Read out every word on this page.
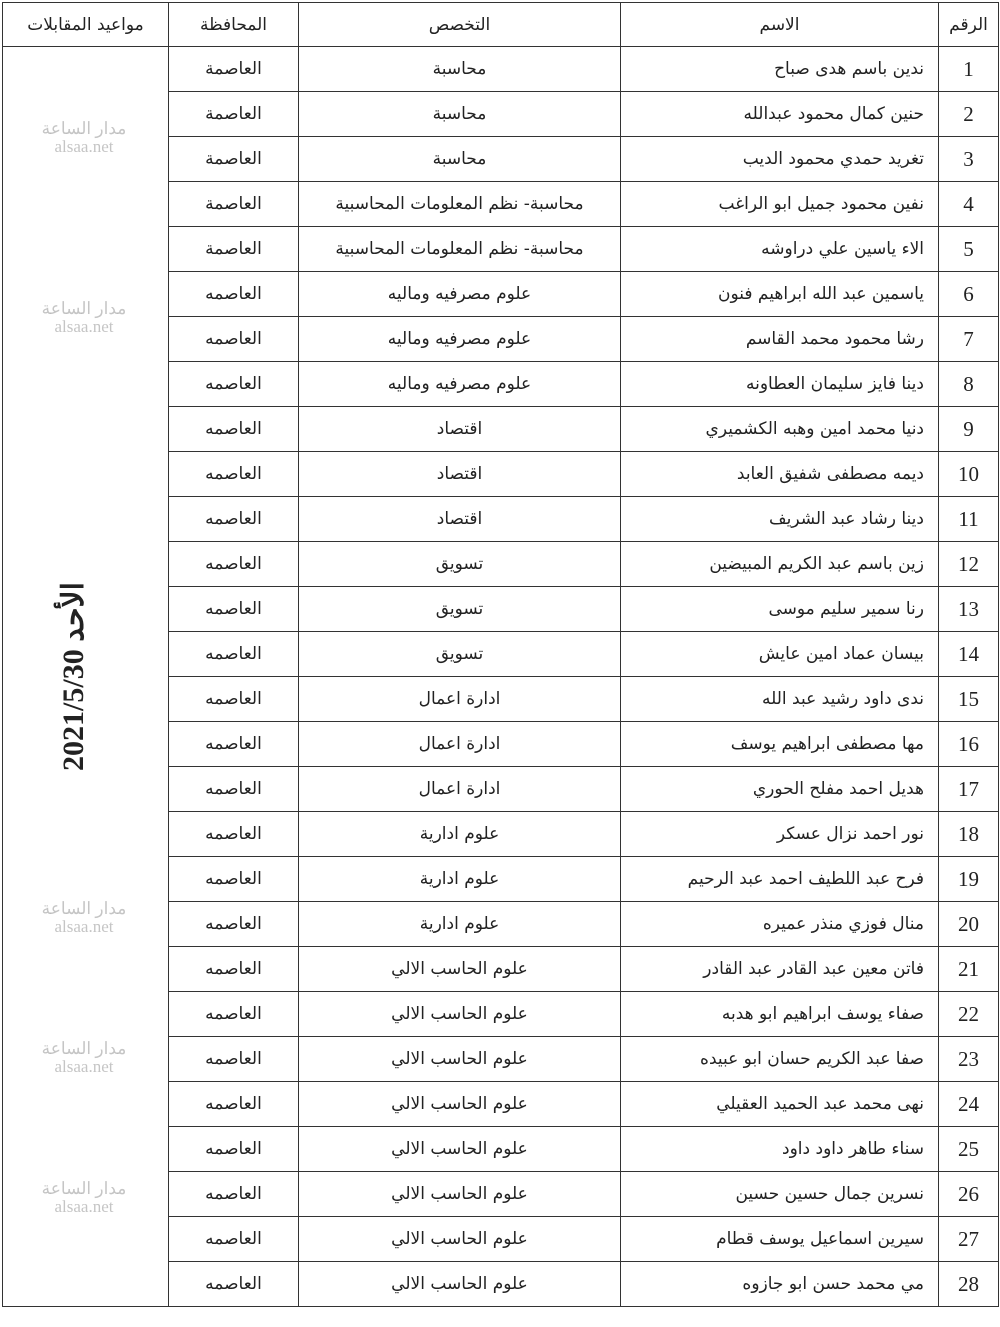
الرقم	الاسم	التخصص	المحافظة	مواعيد المقابلات
1	ندين باسم هدى صباح	محاسبة	العاصمة	الأحد 2021/5/30
2	حنين كمال محمود عبدالله	محاسبة	العاصمة	
3	تغريد حمدي محمود الديب	محاسبة	العاصمة	
4	نفين محمود جميل ابو الراغب	محاسبة- نظم المعلومات المحاسبية	العاصمة	
5	الاء ياسين علي دراوشه	محاسبة- نظم المعلومات المحاسبية	العاصمة	
6	ياسمين عبد الله ابراهيم فنون	علوم مصرفيه وماليه	العاصمه	
7	رشا محمود محمد القاسم	علوم مصرفيه وماليه	العاصمه	
8	دينا فايز سليمان العطاونه	علوم مصرفيه وماليه	العاصمه	
9	دنيا محمد امين وهبه الكشميري	اقتصاد	العاصمه	
10	ديمه مصطفى شفيق العابد	اقتصاد	العاصمه	
11	دينا رشاد عبد الشريف	اقتصاد	العاصمه	
12	زين باسم عبد الكريم المبيضين	تسويق	العاصمه	
13	رنا سمير سليم موسى	تسويق	العاصمه	
14	بيسان عماد امين عايش	تسويق	العاصمه	
15	ندى داود رشيد عبد الله	ادارة اعمال	العاصمه	
16	مها مصطفى ابراهيم يوسف	ادارة اعمال	العاصمه	
17	هديل احمد مفلح الحوري	ادارة اعمال	العاصمه	
18	نور احمد نزال عسكر	علوم ادارية	العاصمه	
19	فرح عبد اللطيف احمد عبد الرحيم	علوم ادارية	العاصمه	
20	منال فوزي منذر عميره	علوم ادارية	العاصمه	
21	فاتن معين عبد القادر عبد القادر	علوم الحاسب الالي	العاصمه	
22	صفاء يوسف ابراهيم ابو هدبه	علوم الحاسب الالي	العاصمه	
23	صفا عبد الكريم حسان ابو عبيده	علوم الحاسب الالي	العاصمه	
24	نهى محمد عبد الحميد العقيلي	علوم الحاسب الالي	العاصمه	
25	سناء طاهر داود داود	علوم الحاسب الالي	العاصمه	
26	نسرين جمال حسين حسين	علوم الحاسب الالي	العاصمه	
27	سيرين اسماعيل يوسف قطام	علوم الحاسب الالي	العاصمه	
28	مي محمد حسن ابو جازوه	علوم الحاسب الالي	العاصمه	
مدار الساعة
alsaa.net
مدار الساعة
alsaa.net
مدار الساعة
alsaa.net
مدار الساعة
alsaa.net
مدار الساعة
alsaa.net
